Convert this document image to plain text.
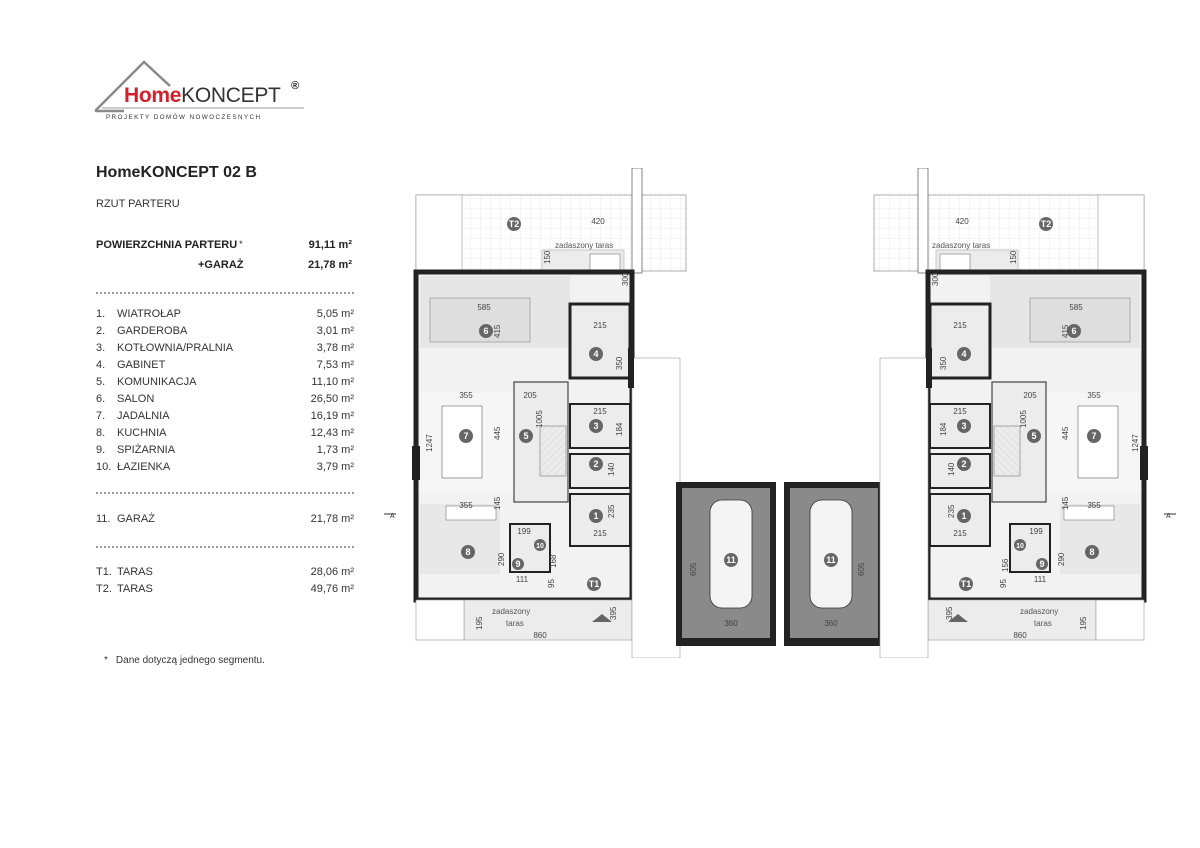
HomeKONCEPT ®
PROJEKTY DOMÓW NOWOCZESNYCH
HomeKONCEPT 02 B
RZUT PARTERU
POWIERZCHNIA PARTERU *	91,11 m²
+GARAŻ	21,78 m²
1. WIATROŁAP	5,05 m²
2. GARDEROBA	3,01 m²
3. KOTŁOWNIA/PRALNIA	3,78 m²
4. GABINET	7,53 m²
5. KOMUNIKACJA	11,10 m²
6. SALON	26,50 m²
7. JADALNIA	16,19 m²
8. KUCHNIA	12,43 m²
9. SPIŻARNIA	1,73 m²
10. ŁAZIENKA	3,79 m²
11. GARAŻ	21,78 m²
T1. TARAS	28,06 m²
T2. TARAS	49,76 m²
* Dane dotyczą jednego segmentu.
T2
T1
1
2
3
4
5
6
7
8
9
10
420
zadaszony taras
585
215
355	205
215
355
215
199
111
860
zadaszony
taras
1247
445
1005
415
350
184
140
145
235
290	168
95
395
195
150
300
A
11
360
605
11
360
605
T2
T1
1
2
3
4
5
6
7
8
9
10
420
zadaszony taras
585
215
355
205
215
355
215	199
111
860
zadaszony
taras
1247
445
1005
415
350
184
140
145
235
290
95
156
395
195
150
300
A
